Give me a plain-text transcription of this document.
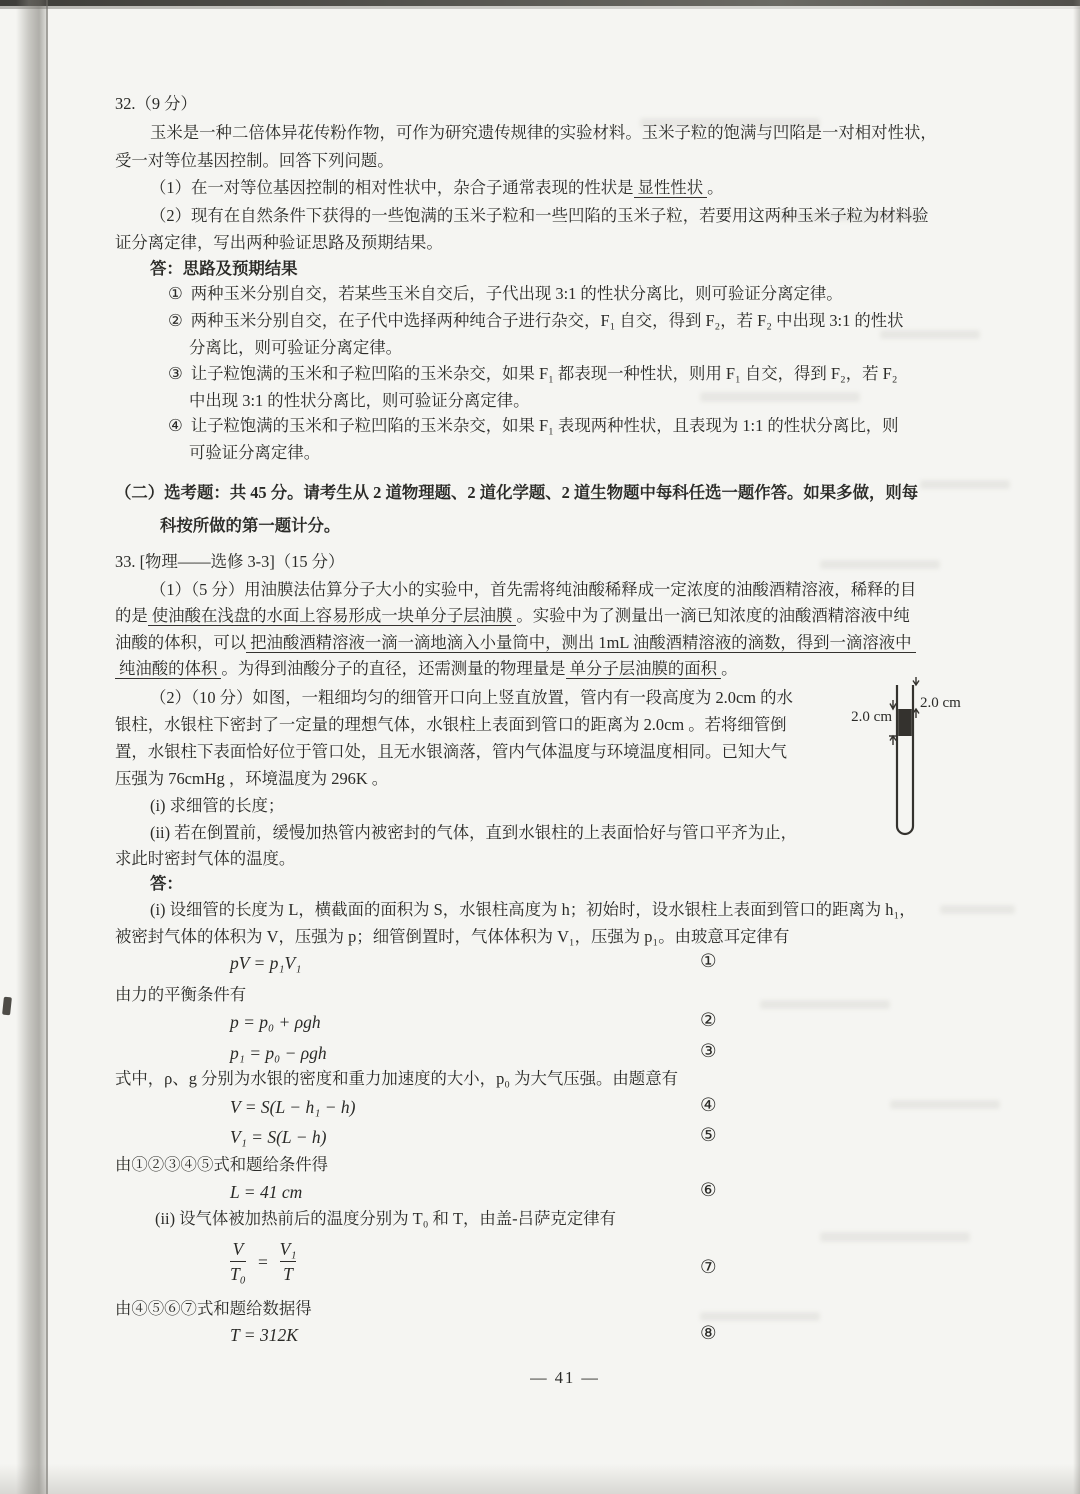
32.（9 分）
玉米是一种二倍体异花传粉作物，可作为研究遗传规律的实验材料。玉米子粒的饱满与凹陷是一对相对性状，
受一对等位基因控制。回答下列问题。
（1）在一对等位基因控制的相对性状中，杂合子通常表现的性状是 显性性状 。
（2）现有在自然条件下获得的一些饱满的玉米子粒和一些凹陷的玉米子粒，若要用这两种玉米子粒为材料验
证分离定律，写出两种验证思路及预期结果。
答：思路及预期结果
① 两种玉米分别自交，若某些玉米自交后，子代出现 3:1 的性状分离比，则可验证分离定律。
② 两种玉米分别自交，在子代中选择两种纯合子进行杂交，F₁ 自交，得到 F₂，若 F₂ 中出现 3:1 的性状
分离比，则可验证分离定律。
③ 让子粒饱满的玉米和子粒凹陷的玉米杂交，如果 F₁ 都表现一种性状，则用 F₁ 自交，得到 F₂，若 F₂
中出现 3:1 的性状分离比，则可验证分离定律。
④ 让子粒饱满的玉米和子粒凹陷的玉米杂交，如果 F₁ 表现两种性状，且表现为 1:1 的性状分离比，则
可验证分离定律。
（二）选考题：共 45 分。请考生从 2 道物理题、2 道化学题、2 道生物题中每科任选一题作答。如果多做，则每
科按所做的第一题计分。
33. [物理——选修 3-3]（15 分）
（1）（5 分）用油膜法估算分子大小的实验中，首先需将纯油酸稀释成一定浓度的油酸酒精溶液，稀释的目
的是 使油酸在浅盘的水面上容易形成一块单分子层油膜 。实验中为了测量出一滴已知浓度的油酸酒精溶液中纯
油酸的体积，可以 把油酸酒精溶液一滴一滴地滴入小量筒中，测出 1mL 油酸酒精溶液的滴数，得到一滴溶液中
纯油酸的体积 。为得到油酸分子的直径，还需测量的物理量是 单分子层油膜的面积 。
（2）（10 分）如图，一粗细均匀的细管开口向上竖直放置，管内有一段高度为 2.0cm 的水
银柱，水银柱下密封了一定量的理想气体，水银柱上表面到管口的距离为 2.0cm 。若将细管倒
置，水银柱下表面恰好位于管口处，且无水银滴落，管内气体温度与环境温度相同。已知大气
压强为 76cmHg ，环境温度为 296K 。
(i) 求细管的长度；
(ii) 若在倒置前，缓慢加热管内被密封的气体，直到水银柱的上表面恰好与管口平齐为止，
求此时密封气体的温度。
答：
(i) 设细管的长度为 L，横截面的面积为 S，水银柱高度为 h；初始时，设水银柱上表面到管口的距离为 h₁，
被密封气体的体积为 V，压强为 p；细管倒置时，气体体积为 V₁，压强为 p₁。由玻意耳定律有
pV = p₁V₁	①
由力的平衡条件有
p = p₀ + ρgh	②
p₁ = p₀ − ρgh	③
式中，ρ、g 分别为水银的密度和重力加速度的大小，p₀ 为大气压强。由题意有
V = S(L − h₁ − h)	④
V₁ = S(L − h)	⑤
由①②③④⑤式和题给条件得
L = 41 cm	⑥
(ii) 设气体被加热前后的温度分别为 T₀ 和 T，由盖-吕萨克定律有
$\frac{V}{\text{T₀}} = \frac{\text{V₁}}{T}$	⑦
由④⑤⑥⑦式和题给数据得
T = 312K	⑧
— 41 —
2.0 cm
2.0 cm
